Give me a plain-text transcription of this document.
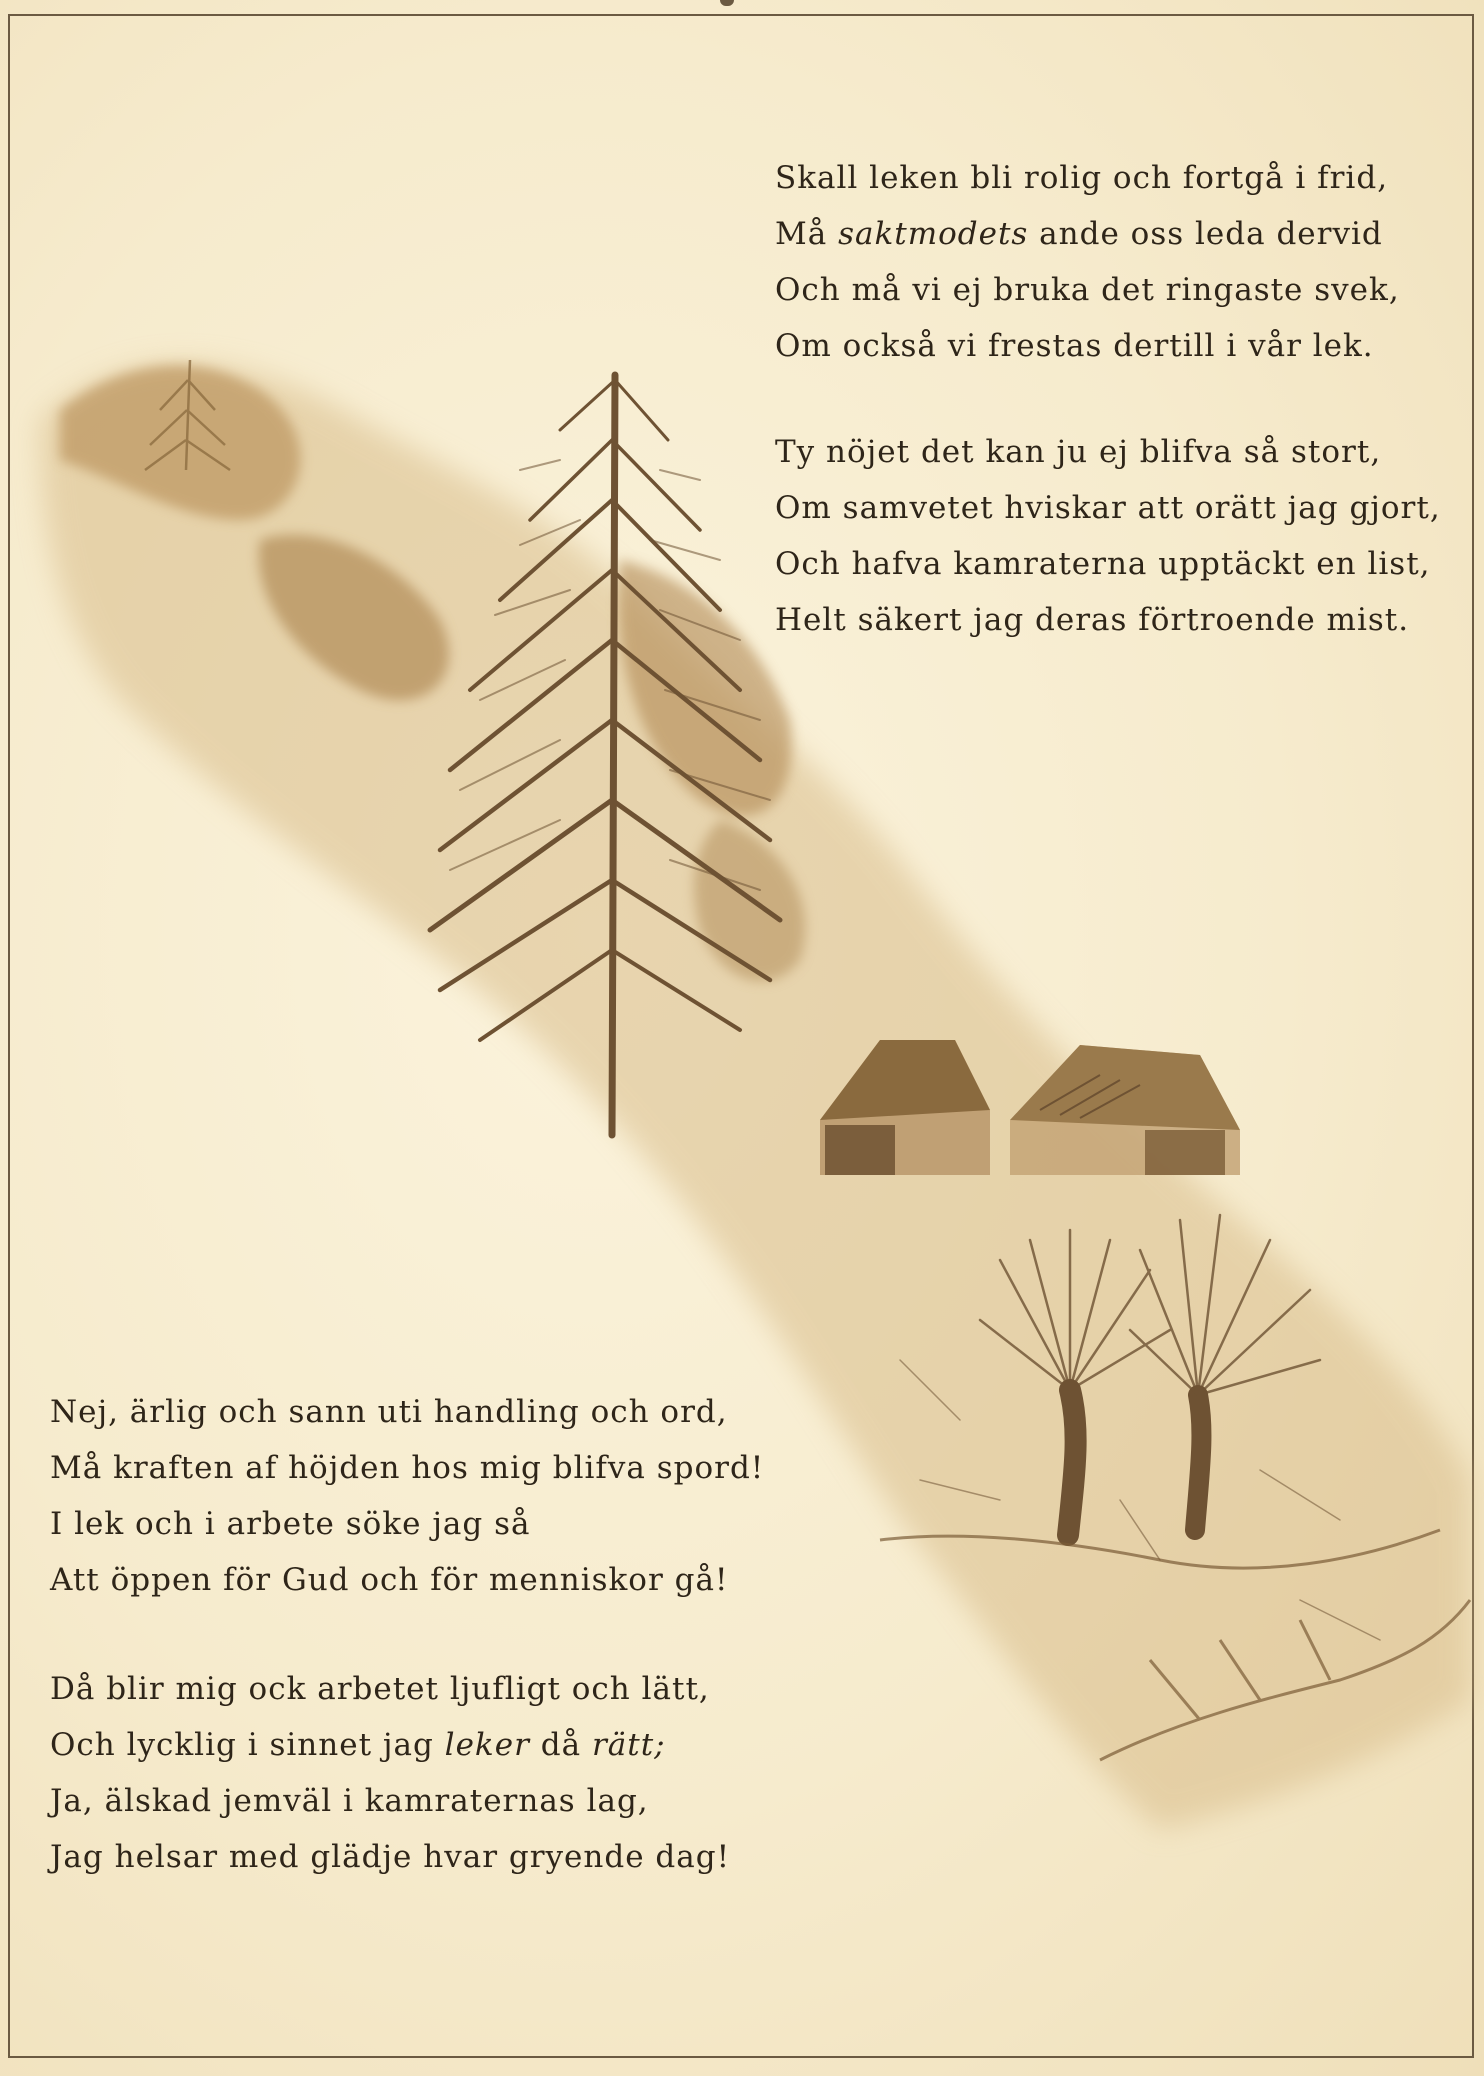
Skall leken bli rolig och fortgå i frid,
Må saktmodets ande oss leda dervid
Och må vi ej bruka det ringaste svek,
Om också vi frestas dertill i vår lek.
Ty nöjet det kan ju ej blifva så stort,
Om samvetet hviskar att orätt jag gjort,
Och hafva kamraterna upptäckt en list,
Helt säkert jag deras förtroende mist.
Nej, ärlig och sann uti handling och ord,
Må kraften af höjden hos mig blifva spord!
I lek och i arbete söke jag så
Att öppen för Gud och för menniskor gå!
Då blir mig ock arbetet ljufligt och lätt,
Och lycklig i sinnet jag leker då rätt;
Ja, älskad jemväl i kamraternas lag,
Jag helsar med glädje hvar gryende dag!
